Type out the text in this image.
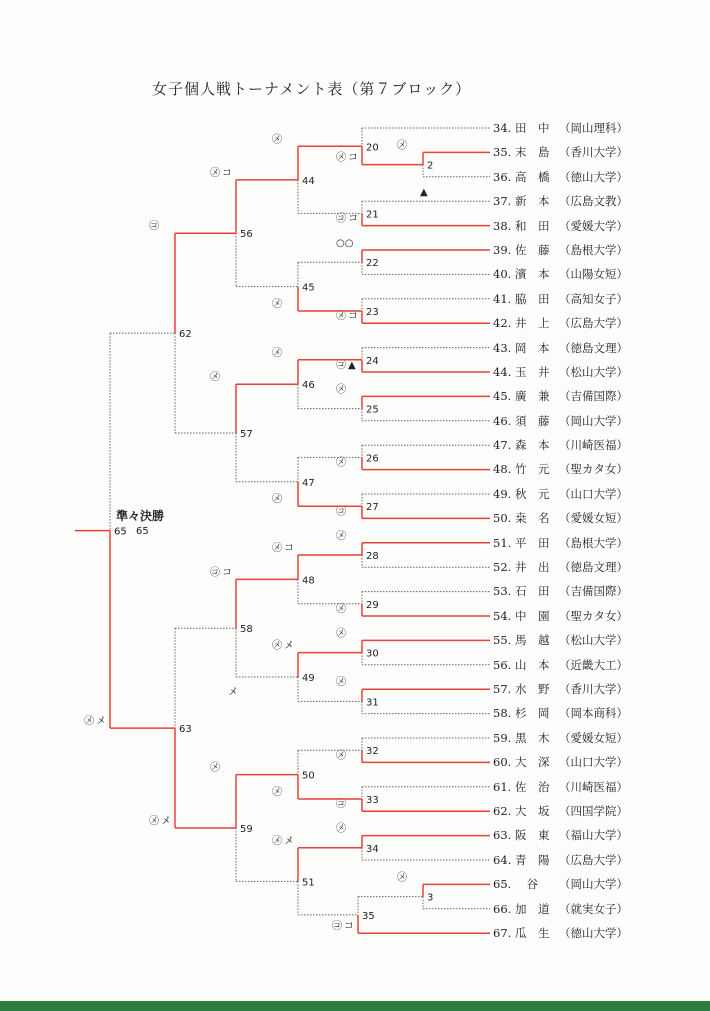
女子個人戦トーナメント表（第７ブロック）
2
㋱
3
㋱
20
㋱ コ
21
㋙ コ
22
○○
23
㋱ コ
24
㋙ ▲
25
㋱
26
㋱
27
㋙
28
㋱
29
㋱
30
㋱
31
㋱
32
㋱
33
㋙
34
㋱
35
㋙ コ
44
㋱
45
㋱
46
㋱
47
㋱
48
㋱ コ
49
㋱ メ
50
㋱
51
㋱ メ
56
㋱ コ
57
㋱
58
㋙ コ
59
㋱
62
㋙
63
㋱ メ
65
㋱ メ
準々決勝
65
メ
▲
34. 田　中 （岡山理科）
35. 末　島 （香川大学）
36. 高　橋 （徳山大学）
37. 新　本 （広島文教）
38. 和　田 （愛媛大学）
39. 佐　藤 （島根大学）
40. 濱　本 （山陽女短）
41. 脇　田 （高知女子）
42. 井　上 （広島大学）
43. 岡　本 （徳島文理）
44. 玉　井 （松山大学）
45. 廣　兼 （吉備国際）
46. 須　藤 （岡山大学）
47. 森　本 （川崎医福）
48. 竹　元 （聖カタ女）
49. 秋　元 （山口大学）
50. 桒　名 （愛媛女短）
51. 平　田 （島根大学）
52. 井　出 （徳島文理）
53. 石　田 （吉備国際）
54. 中　園 （聖カタ女）
55. 馬　越 （松山大学）
56. 山　本 （近畿大工）
57. 水　野 （香川大学）
58. 杉　岡 （岡本商科）
59. 黒　木 （愛媛女短）
60. 大　深 （山口大学）
61. 佐　治 （川崎医福）
62. 大　坂 （四国学院）
63. 阪　東 （福山大学）
64. 青　陽 （広島大学）
65.　谷 （岡山大学）
66. 加　道 （就実女子）
67. 瓜　生 （徳山大学）
